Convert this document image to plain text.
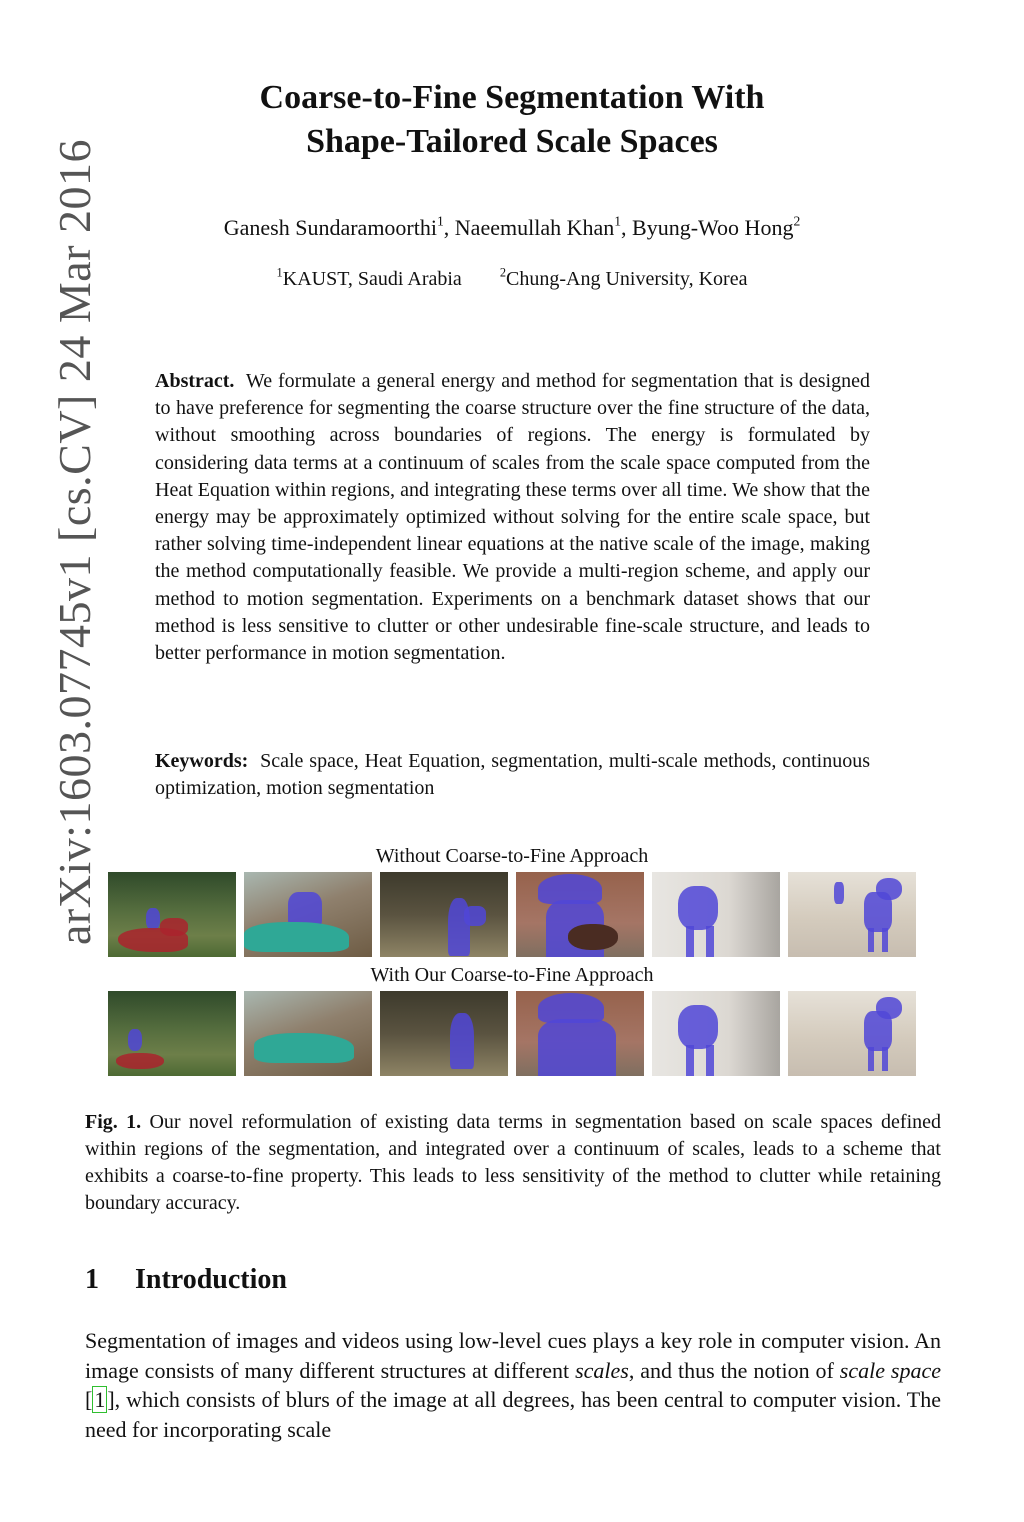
arXiv:1603.07745v1 [cs.CV] 24 Mar 2016
Coarse-to-Fine Segmentation With
Shape-Tailored Scale Spaces
Ganesh Sundaramoorthi$^1$, Naeemullah Khan$^1$, Byung-Woo Hong$^2$
$^1$KAUST, Saudi Arabia	$^2$Chung-Ang University, Korea
Abstract. We formulate a general energy and method for segmentation that is designed to have preference for segmenting the coarse structure over the fine structure of the data, without smoothing across boundaries of regions. The energy is formulated by considering data terms at a continuum of scales from the scale space computed from the Heat Equation within regions, and integrating these terms over all time. We show that the energy may be approximately optimized without solving for the entire scale space, but rather solving time-independent linear equations at the native scale of the image, making the method computationally feasible. We provide a multi-region scheme, and apply our method to motion segmentation. Experiments on a benchmark dataset shows that our method is less sensitive to clutter or other undesirable fine-scale structure, and leads to better performance in motion segmentation.
Keywords: Scale space, Heat Equation, segmentation, multi-scale methods, continuous optimization, motion segmentation
Without Coarse-to-Fine Approach
With Our Coarse-to-Fine Approach
Fig. 1. Our novel reformulation of existing data terms in segmentation based on scale spaces defined within regions of the segmentation, and integrated over a continuum of scales, leads to a scheme that exhibits a coarse-to-fine property. This leads to less sensitivity of the method to clutter while retaining boundary accuracy.
1 Introduction
Segmentation of images and videos using low-level cues plays a key role in computer vision. An image consists of many different structures at different scales, and thus the notion of scale space [1], which consists of blurs of the image at all degrees, has been central to computer vision. The need for incorporating scale
